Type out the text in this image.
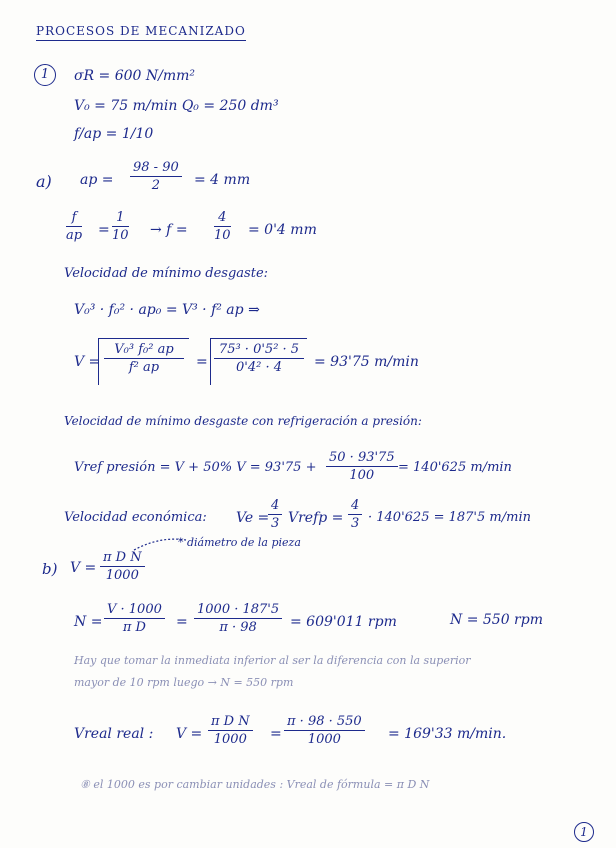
PROCESOS DE MECANIZADO
1	σR = 600 N/mm²
V₀ = 75 m/min Q₀ = 250 dm³
f/ap = 1/10
a) ap = $\frac{98 - 90}{2} = 4$ mm
$\frac{f}{ap} = \frac{1}{10} \to f = \frac{4}{10} = 0'4$ mm
Velocidad de mínimo desgaste:
V₀³ · f₀² · ap₀ = V³ · f² ap ⇒
$V = \frac{\text{V₀³ f₀² ap}}{\text{f² ap}} = \frac{\text{75³ · 0'5² · 5}}{\text{0'4² · 4}} = 93'75$ m/min
Velocidad de mínimo desgaste con refrigeración a presión:
Vref presión = V + 50% $V = 93'75 + \frac{50 \cdot 93'75}{100} = 140'625$ m/min
Velocidad económica: Ve =
$\frac{4}{3}$ Vrefp = $\frac{4}{3} \cdot 140'625 = 187'5$ m/min
b) $V = \frac{\text{π D N}}{1000}$
* diámetro de la pieza
$N = \frac{V \cdot 1000}{\text{π D}} = \frac{1000 \cdot 187'5}{\pi \cdot 98} = 609'011$ rpm	N = 550 rpm
Hay que tomar la inmediata inferior al ser la diferencia con la superior
mayor de 10 rpm luego → N = 550 rpm
Vreal real : $V = \frac{\text{π D N}}{1000} = \frac{\pi \cdot 98 \cdot 550}{1000} = 169'33$ m/min.
⑧ el 1000 es por cambiar unidades : Vreal de fórmula = π D N
1
